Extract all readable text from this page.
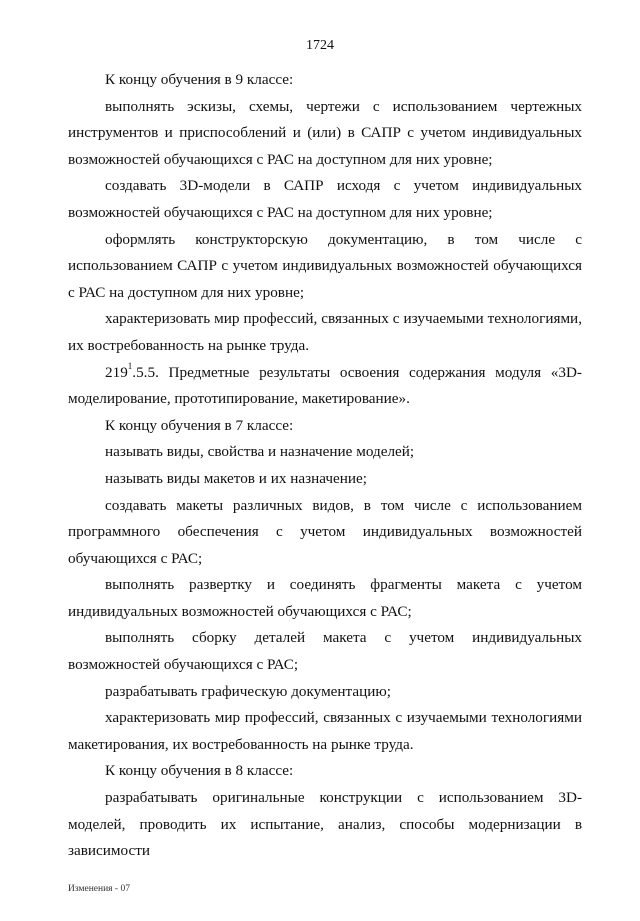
1724

К концу обучения в 9 классе:

выполнять эскизы, схемы, чертежи с использованием чертежных инструментов и приспособлений и (или) в САПР с учетом индивидуальных возможностей обучающихся с РАС на доступном для них уровне;

создавать 3D-модели в САПР исходя с учетом индивидуальных возможностей обучающихся с РАС на доступном для них уровне;

оформлять конструкторскую документацию, в том числе с использованием САПР с учетом индивидуальных возможностей обучающихся с РАС на доступном для них уровне;

характеризовать мир профессий, связанных с изучаемыми технологиями, их востребованность на рынке труда.

$219^1.5.5$. Предметные результаты освоения содержания модуля «3D-моделирование, прототипирование, макетирование».

К концу обучения в 7 классе:

называть виды, свойства и назначение моделей;

называть виды макетов и их назначение;

создавать макеты различных видов, в том числе с использованием программного обеспечения с учетом индивидуальных возможностей обучающихся с РАС;

выполнять развертку и соединять фрагменты макета с учетом индивидуальных возможностей обучающихся с РАС;

выполнять сборку деталей макета с учетом индивидуальных возможностей обучающихся с РАС;

разрабатывать графическую документацию;

характеризовать мир профессий, связанных с изучаемыми технологиями макетирования, их востребованность на рынке труда.

К концу обучения в 8 классе:

разрабатывать оригинальные конструкции с использованием 3D-моделей, проводить их испытание, анализ, способы модернизации в зависимости

Изменения - 07
